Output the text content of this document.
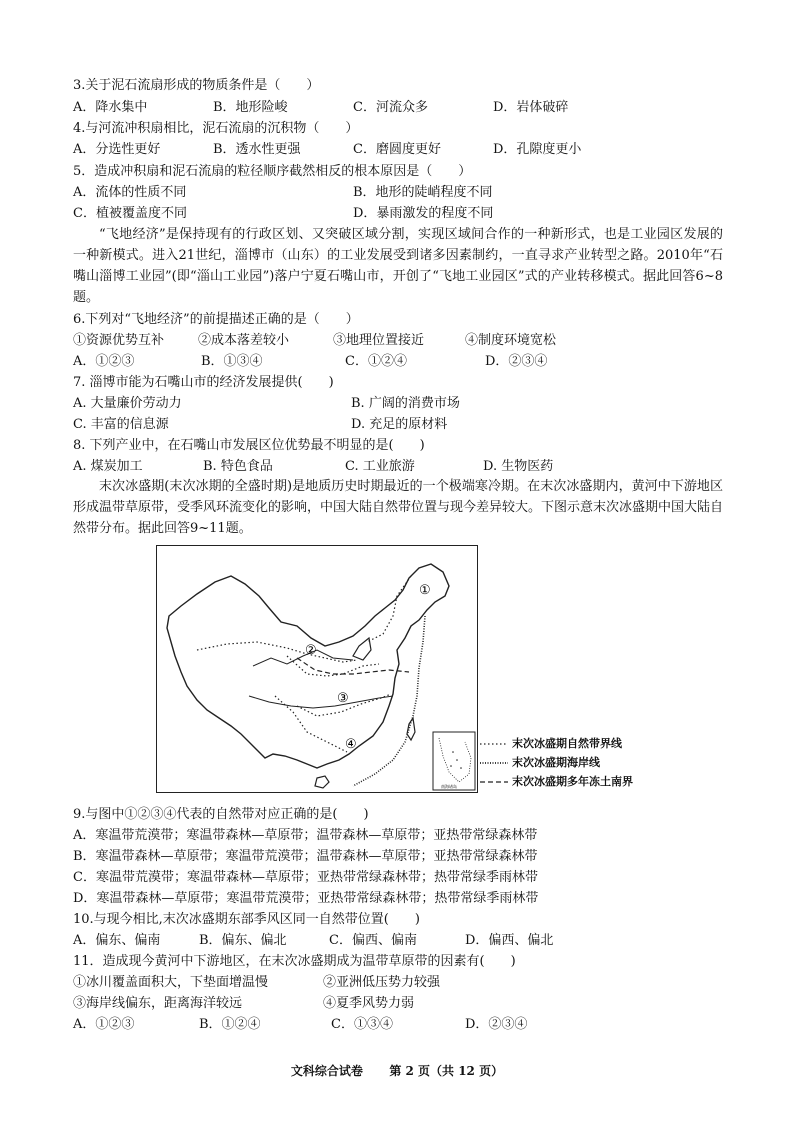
3.关于泥石流扇形成的物质条件是（　　）
A．降水集中	B．地形险峻	C．河流众多	D．岩体破碎
4.与河流冲积扇相比，泥石流扇的沉积物（　　）
A．分选性更好	B．透水性更强	C．磨圆度更好	D．孔隙度更小
5．造成冲积扇和泥石流扇的粒径顺序截然相反的根本原因是（　　）
A．流体的性质不同	B．地形的陡峭程度不同
C．植被覆盖度不同	D．暴雨激发的程度不同
“飞地经济”是保持现有的行政区划、又突破区域分割，实现区域间合作的一种新形式，也是工业园区发展的一种新模式。进入21世纪，淄博市（山东）的工业发展受到诸多因素制约，一直寻求产业转型之路。2010年“石嘴山淄博工业园”(即“淄山工业园”)落户宁夏石嘴山市，开创了“飞地工业园区”式的产业转移模式。据此回答6~8题。
6.下列对“飞地经济”的前提描述正确的是（　　）
①资源优势互补	②成本落差较小	③地理位置接近	④制度环境宽松
A．①②③	B．①③④	C．①②④	D．②③④
7. 淄博市能为石嘴山市的经济发展提供(　　)
A. 大量廉价劳动力	B. 广阔的消费市场
C. 丰富的信息源	D. 充足的原材料
8. 下列产业中，在石嘴山市发展区位优势最不明显的是(　　)
A. 煤炭加工	B. 特色食品	C. 工业旅游	D. 生物医药
末次冰盛期(末次冰期的全盛时期)是地质历史时期最近的一个极端寒冷期。在末次冰盛期内，黄河中下游地区形成温带草原带，受季风环流变化的影响，中国大陆自然带位置与现今差异较大。下图示意末次冰盛期中国大陆自然带分布。据此回答9~11题。
①
②
③
④
南海诸岛
末次冰盛期自然带界线
末次冰盛期海岸线
末次冰盛期多年冻土南界
9.与图中①②③④代表的自然带对应正确的是(　　)
A．寒温带荒漠带；寒温带森林—草原带；温带森林—草原带；亚热带常绿森林带
B．寒温带森林—草原带；寒温带荒漠带；温带森林—草原带；亚热带常绿森林带
C．寒温带荒漠带；寒温带森林—草原带；亚热带常绿森林带；热带常绿季雨林带
D．寒温带森林—草原带；寒温带荒漠带；亚热带常绿森林带；热带常绿季雨林带
10.与现今相比,末次冰盛期东部季风区同一自然带位置(　　)
A．偏东、偏南	B．偏东、偏北	C．偏西、偏南	D．偏西、偏北
11．造成现今黄河中下游地区，在末次冰盛期成为温带草原带的因素有(　　)
①冰川覆盖面积大，下垫面增温慢	②亚洲低压势力较强
③海岸线偏东，距离海洋较远	④夏季风势力弱
A．①②③	B．①②④	C．①③④	D．②③④
文科综合试卷 第 2 页（共 12 页）
